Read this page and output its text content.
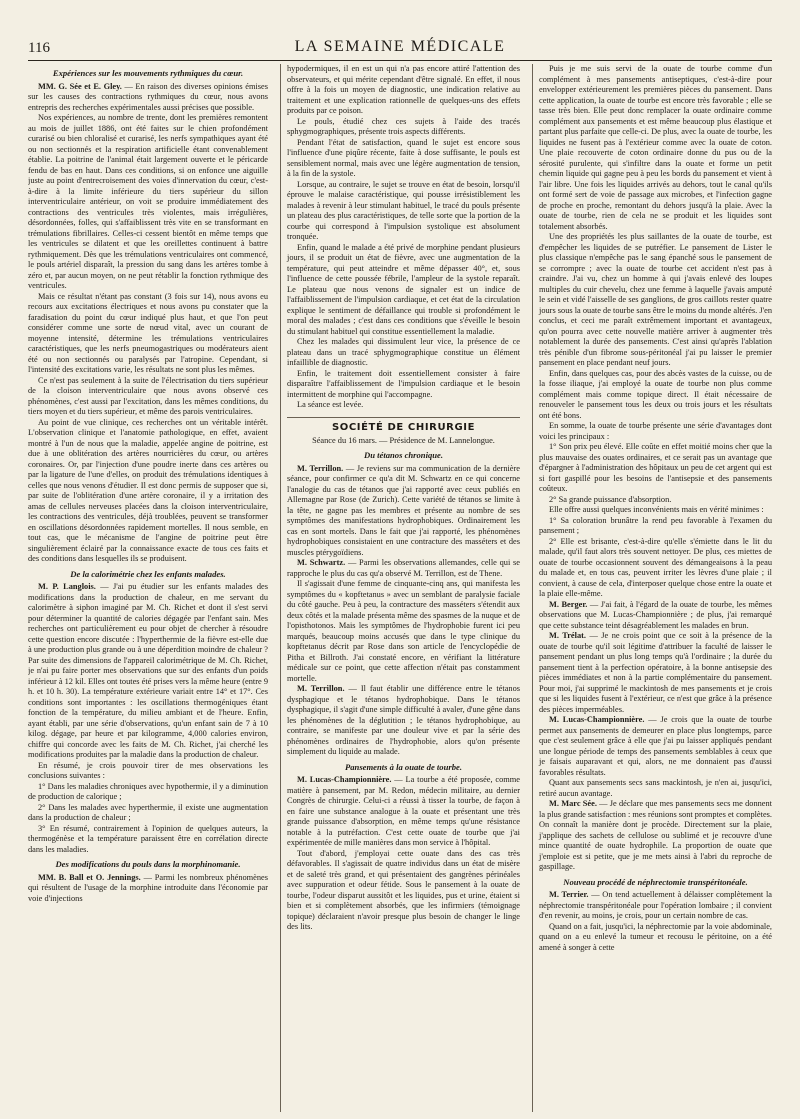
116	LA SEMAINE MÉDICALE
Expériences sur les mouvements rythmiques du cœur.

MM. G. Sée et E. Gley. — En raison des diverses opinions émises sur les causes des contractions rythmiques du cœur, nous avons entrepris des recherches expérimentales aussi précises que possible.

Nos expériences, au nombre de trente, dont les premières remontent au mois de juillet 1886, ont été faites sur le chien profondément curarisé ou bien chloralisé et curarisé, les nerfs sympathiques ayant été ou non sectionnés et la respiration artificielle étant convenablement établie. La poitrine de l'animal était largement ouverte et le péricarde fendu de bas en haut. Dans ces conditions, si on enfonce une aiguille juste au point d'entrecroisement des voies d'innervation du cœur, c'est-à-dire à la limite inférieure du tiers supérieur du sillon interventriculaire antérieur, on voit se produire immédiatement des contractions des ventricules très violentes, mais irrégulières, désordonnées, folles, qui s'affaiblissent très vite en se transformant en trémulations fibrillaires. Celles-ci cessent bientôt en même temps que les ventricules se dilatent et que les oreillettes continuent à battre rythmiquement. Dès que les trémulations ventriculaires ont commencé, le pouls artériel disparaît, la pression du sang dans les artères tombe à zéro et, par aucun moyen, on ne peut rétablir la fonction rythmique des ventricules.

Mais ce résultat n'étant pas constant (3 fois sur 14), nous avons eu recours aux excitations électriques et nous avons pu constater que la faradisation du point du cœur indiqué plus haut, et que l'on peut considérer comme une sorte de nœud vital, avec un courant de moyenne intensité, détermine les trémulations ventriculaires caractéristiques, que les nerfs pneumogastriques ou modérateurs aient été ou non sectionnés ou paralysés par l'atropine. Cependant, si l'intensité des excitations varie, les résultats ne sont plus les mêmes.

Ce n'est pas seulement à la suite de l'électrisation du tiers supérieur de la cloison interventriculaire que nous avons observé ces phénomènes, c'est aussi par l'excitation, dans les mêmes conditions, du tiers moyen et du tiers supérieur, et même des parois ventriculaires.

Au point de vue clinique, ces recherches ont un véritable intérêt. L'observation clinique et l'anatomie pathologique, en effet, avaient montré à l'un de nous que la maladie, appelée angine de poitrine, est due à une oblitération des artères nourricières du cœur, ou artères coronaires. Or, par l'injection d'une poudre inerte dans ces artères ou par la ligature de l'une d'elles, on produit des trémulations identiques à celles que nous venons d'étudier. Il est donc permis de supposer que si, par suite de l'oblitération d'une artère coronaire, il y a irritation des amas de cellules nerveuses placées dans la cloison interventriculaire, les contractions des ventricules, déjà troublées, peuvent se transformer en oscillations désordonnées rapidement mortelles. Il nous semble, en tout cas, que le mécanisme de l'angine de poitrine peut être singulièrement éclairé par la connaissance exacte de tous ces faits et des conditions dans lesquelles ils se produisent.

De la calorimétrie chez les enfants malades.

M. P. Langlois. — J'ai pu étudier sur les enfants malades des modifications dans la production de chaleur, en me servant du calorimètre à siphon imaginé par M. Ch. Richet et dont il s'est servi pour déterminer la quantité de calories dégagée par l'enfant sain. Mes recherches ont particulièrement eu pour objet de chercher à résoudre cette question encore discutée : l'hyperthermie de la fièvre est-elle due à une production plus grande ou à une déperdition moindre de chaleur ? Par suite des dimensions de l'appareil calorimétrique de M. Ch. Richet, je n'ai pu faire porter mes observations que sur des enfants d'un poids inférieur à 12 kil. Elles ont toutes été prises vers la même heure (entre 9 h. et 10 h. 30). La température extérieure variait entre 14° et 17°. Ces conditions sont importantes : les oscillations thermogéniques étant fonction de la température, du milieu ambiant et de l'heure. Enfin, ayant établi, par une série d'observations, qu'un enfant sain de 7 à 10 kilog. dégage, par heure et par kilogramme, 4,000 calories environ, chiffre qui concorde avec les faits de M. Ch. Richet, j'ai cherché les modifications produites par la maladie dans la production de chaleur.

En résumé, je crois pouvoir tirer de mes observations les conclusions suivantes :

1° Dans les maladies chroniques avec hypothermie, il y a diminution de production de calorique ;

2° Dans les malades avec hyperthermie, il existe une augmentation dans la production de chaleur ;

3° En résumé, contrairement à l'opinion de quelques auteurs, la thermogénèse et la température paraissent être en corrélation directe dans les maladies.

Des modifications du pouls dans la morphinomanie.

MM. B. Ball et O. Jennings. — Parmi les nombreux phénomènes qui résultent de l'usage de la morphine introduite dans l'économie par voie d'injections

hypodermiques, il en est un qui n'a pas encore attiré l'attention des observateurs, et qui mérite cependant d'être signalé. En effet, il nous offre à la fois un moyen de diagnostic, une indication relative au traitement et une explication rationnelle de quelques-uns des effets produits par ce poison.

Le pouls, étudié chez ces sujets à l'aide des tracés sphygmographiques, présente trois aspects différents.

Pendant l'état de satisfaction, quand le sujet est encore sous l'influence d'une piqûre récente, faite à dose suffisante, le pouls est sensiblement normal, mais avec une légère augmentation de tension, à la fin de la systole.

Lorsque, au contraire, le sujet se trouve en état de besoin, lorsqu'il éprouve le malaise caractéristique, qui pousse irrésistiblement les malades à revenir à leur stimulant habituel, le tracé du pouls présente un plateau des plus caractéristiques, de telle sorte que la portion de la courbe qui correspond à l'impulsion systolique est absolument tronquée.

Enfin, quand le malade a été privé de morphine pendant plusieurs jours, il se produit un état de fièvre, avec une augmentation de la température, qui peut atteindre et même dépasser 40°, et, sous l'influence de cette poussée fébrile, l'ampleur de la systole reparaît. Le plateau que nous venons de signaler est un indice de l'affaiblissement de l'impulsion cardiaque, et cet état de la circulation explique le sentiment de défaillance qui trouble si profondément le moral des malades ; c'est dans ces conditions que s'éveille le besoin du stimulant habituel qui constitue essentiellement la maladie.

Chez les malades qui dissimulent leur vice, la présence de ce plateau dans un tracé sphygmographique constitue un élément infaillible de diagnostic.

Enfin, le traitement doit essentiellement consister à faire disparaître l'affaiblissement de l'impulsion cardiaque et le besoin intermittent de morphine qui l'accompagne.

La séance est levée.

SOCIÉTÉ DE CHIRURGIE
Séance du 16 mars. — Présidence de M. Lannelongue.
Du tétanos chronique.

M. Terrillon. — Je reviens sur ma communication de la dernière séance, pour confirmer ce qu'a dit M. Schwartz en ce qui concerne l'analogie du cas de tétanos que j'ai rapporté avec ceux publiés en Allemagne par Rose (de Zurich). Cette variété de tétanos se limite à la tête, ne gagne pas les membres et présente au nombre de ses symptômes des manifestations hydrophobiques. Ordinairement les cas en sont mortels. Dans le fait que j'ai rapporté, les phénomènes hydrophobiques consistaient en une contracture des masséters et des muscles ptérygoïdiens.

M. Schwartz. — Parmi les observations allemandes, celle qui se rapproche le plus du cas qu'a observé M. Terrillon, est de Thene.

Il s'agissait d'une femme de cinquante-cinq ans, qui manifesta les symptômes du « kopftetanus » avec un semblant de paralysie faciale du côté gauche. Peu à peu, la contracture des masséters s'étendit aux deux côtés et la malade présenta même des spasmes de la nuque et de l'opisthotonos. Mais les symptômes de l'hydrophobie furent ici peu marqués, beaucoup moins accusés que dans le type clinique du kopftetanus décrit par Rose dans son article de l'encyclopédie de Pitha et Billroth. J'ai constaté encore, en vérifiant la littérature médicale sur ce point, que cette affection n'était pas constamment mortelle.

M. Terrillon. — Il faut établir une différence entre le tétanos dysphagique et le tétanos hydrophobique. Dans le tétanos dysphagique, il s'agit d'une simple difficulté à avaler, d'une gêne dans les phénomènes de la déglutition ; le tétanos hydrophobique, au contraire, se manifeste par une douleur vive et par la série des phénomènes ordinaires de l'hydrophobie, alors qu'on présente simplement du liquide au malade.

Pansements à la ouate de tourbe.

M. Lucas-Championnière. — La tourbe a été proposée, comme matière à pansement, par M. Redon, médecin militaire, au dernier Congrès de chirurgie. Celui-ci a réussi à tisser la tourbe, de façon à en faire une substance analogue à la ouate et présentant une très grande puissance d'absorption, en même temps qu'une résistance notable à la putréfaction. C'est cette ouate de tourbe que j'ai expérimentée de mille manières dans mon service à l'hôpital.

Tout d'abord, j'employai cette ouate dans des cas très défavorables. Il s'agissait de quatre individus dans un état de misère et de saleté très grand, et qui présentaient des gangrènes périnéales avec suppuration et odeur fétide. Sous le pansement à la ouate de tourbe, l'odeur disparut aussitôt et les liquides, pus et urine, étaient si bien et si complètement absorbés, que les infirmiers (témoignage topique) déclaraient n'avoir presque plus besoin de changer le linge des lits.

Puis je me suis servi de la ouate de tourbe comme d'un complément à mes pansements antiseptiques, c'est-à-dire pour envelopper extérieurement les premières pièces du pansement. Dans cette application, la ouate de tourbe est encore très favorable ; elle se tasse très bien. Elle peut donc remplacer la ouate ordinaire comme complément aux pansements et est même beaucoup plus élastique et partant plus parfaite que celle-ci. De plus, avec la ouate de tourbe, les liquides ne fusent pas à l'extérieur comme avec la ouate de coton. Une plaie recouverte de coton ordinaire donne du pus ou de la sérosité purulente, qui s'infiltre dans la ouate et forme un petit chemin liquide qui gagne peu à peu les bords du pansement et vient à l'air libre. Une fois les liquides arrivés au dehors, tout le canal qu'ils ont formé sert de voie de passage aux microbes, et l'infection gagne de proche en proche, remontant du dehors jusqu'à la plaie. Avec la ouate de tourbe, rien de cela ne se produit et les liquides sont totalement absorbés.

Une des propriétés les plus saillantes de la ouate de tourbe, est d'empêcher les liquides de se putréfier. Le pansement de Lister le plus classique n'empêche pas le sang épanché sous le pansement de se corrompre ; avec la ouate de tourbe cet accident n'est pas à craindre. J'ai vu, chez un homme à qui j'avais enlevé des loupes multiples du cuir chevelu, chez une femme à laquelle j'avais amputé le sein et vidé l'aisselle de ses ganglions, de gros caillots rester quatre jours sous la ouate de tourbe sans être le moins du monde altérés. J'en conclus, et ceci me paraît extrêmement important et avantageux, qu'on pourra avec cette nouvelle matière arriver à augmenter très notablement la durée des pansements. C'est ainsi qu'après l'ablation très pénible d'un fibrome sous-péritonéal j'ai pu laisser le premier pansement en place pendant neuf jours.

Enfin, dans quelques cas, pour des abcès vastes de la cuisse, ou de la fosse iliaque, j'ai employé la ouate de tourbe non plus comme complément mais comme topique direct. Il était nécessaire de renouveler le pansement tous les deux ou trois jours et les résultats ont été bons.

En somme, la ouate de tourbe présente une série d'avantages dont voici les principaux :

1° Son prix peu élevé. Elle coûte en effet moitié moins cher que la plus mauvaise des ouates ordinaires, et ce serait pas un avantage que d'épargner à l'administration des hôpitaux un peu de cet argent qui est si fort gaspillé pour les besoins de l'antisepsie et des pansements coûteux.

2° Sa grande puissance d'absorption.

Elle offre aussi quelques inconvénients mais en vérité minimes :

1° Sa coloration brunâtre la rend peu favorable à l'examen du pansement ;

2° Elle est brisante, c'est-à-dire qu'elle s'émiette dans le lit du malade, qu'il faut alors très souvent nettoyer. De plus, ces miettes de ouate de tourbe occasionnent souvent des démangeaisons à la peau du malade et, en tous cas, peuvent irriter les lèvres d'une plaie ; il convient, à cause de cela, d'interposer quelque chose entre la ouate et la plaie elle-même.

M. Berger. — J'ai fait, à l'égard de la ouate de tourbe, les mêmes observations que M. Lucas-Championnière ; de plus, j'ai remarqué que cette substance teint désagréablement les malades en brun.

M. Trélat. — Je ne crois point que ce soit à la présence de la ouate de tourbe qu'il soit légitime d'attribuer la faculté de laisser le pansement pendant un plus long temps qu'à l'ordinaire ; la durée du pansement tient à la perfection opératoire, à la bonne antisepsie des pièces immédiates et non à la partie complémentaire du pansement. Pour moi, j'ai supprimé le mackintosh de mes pansements et je crois que si les liquides fusent à l'extérieur, ce n'est que grâce à la présence des pièces imperméables.

M. Lucas-Championnière. — Je crois que la ouate de tourbe permet aux pansements de demeurer en place plus longtemps, parce que c'est seulement grâce à elle que j'ai pu laisser appliqués pendant une longue période de temps des pansements semblables à ceux que je faisais auparavant et qui, alors, ne me donnaient pas d'aussi favorables résultats.

Quant aux pansements secs sans mackintosh, je n'en ai, jusqu'ici, retiré aucun avantage.

M. Marc Sée. — Je déclare que mes pansements secs me donnent la plus grande satisfaction : mes réunions sont promptes et complètes. On connaît la manière dont je procède. Directement sur la plaie, j'applique des sachets de cellulose ou sublimé et je recouvre d'une mince quantité de ouate hydrophile. La proportion de ouate que j'emploie est si petite, que je me mets ainsi à l'abri du reproche de gaspillage.

Nouveau procédé de néphrectomie transpéritonéale.

M. Terrier. — On tend actuellement à délaisser complètement la néphrectomie transpéritonéale pour l'opération lombaire ; il convient d'en revenir, au moins, je crois, pour un certain nombre de cas.

Quand on a fait, jusqu'ici, la néphrectomie par la voie abdominale, quand on a eu enlevé la tumeur et recousu le péritoine, on a été amené à songer à cette
